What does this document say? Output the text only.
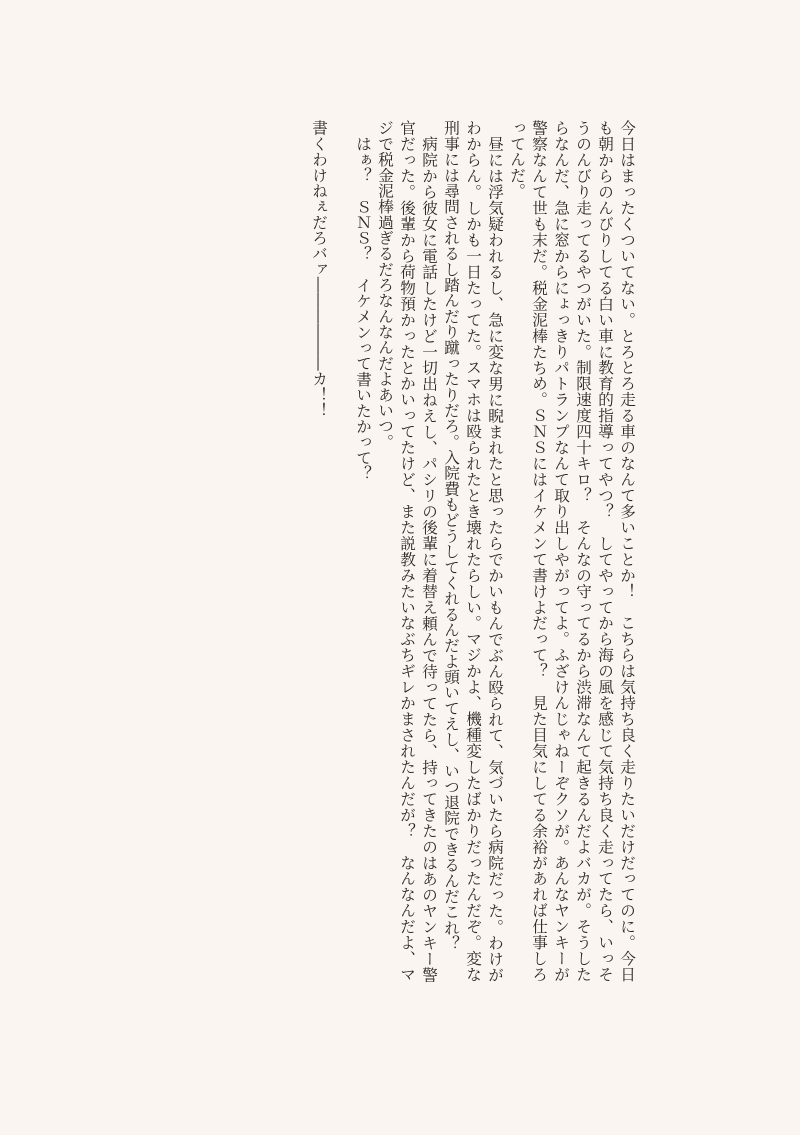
今日はまったくついてない。とろとろ走る車のなんて多いことか！　こちらは気持ち良く走りたいだけだってのに。今日も朝からのんびりしてる白い車に教育的指導ってやつ？　してやってから海の風を感じて気持ち良く走ってたら、いっそうのんびり走ってるやつがいた。制限速度四十キロ？　そんなの守ってるから渋滞なんて起きるんだよバカが。そうしたらなんだ、急に窓からにょっきりパトランプなんて取り出しやがってよ。ふざけんじゃねーぞクソが。あんなヤンキーが警察なんて世も末だ。税金泥棒たちめ。ＳＮＳにはイケメンて書けよだって？　見た目気にしてる余裕があれば仕事しろってんだ。

昼には浮気疑われるし、急に変な男に睨まれたと思ったらでかいもんでぶん殴られて、気づいたら病院だった。わけがわからん。しかも一日たってた。スマホは殴られたとき壊れたらしい。マジかよ、機種変したばかりだったんだぞ。変な刑事には尋問されるし踏んだり蹴ったりだろ。入院費もどうしてくれるんだよ頭いてえし、いつ退院できるんだこれ？

病院から彼女に電話したけど一切出ねえし、パシリの後輩に着替え頼んで待ってたら、持ってきたのはあのヤンキー警官だった。後輩から荷物預かったとかいってたけど、また説教みたいなぶちギレかまされたんだが？　なんなんだよ、マジで税金泥棒過ぎるだろなんなんだよあいつ。

はぁ？　ＳＮＳ？　イケメンって書いたかって？

書くわけねぇだろバァ――――――カ！！
